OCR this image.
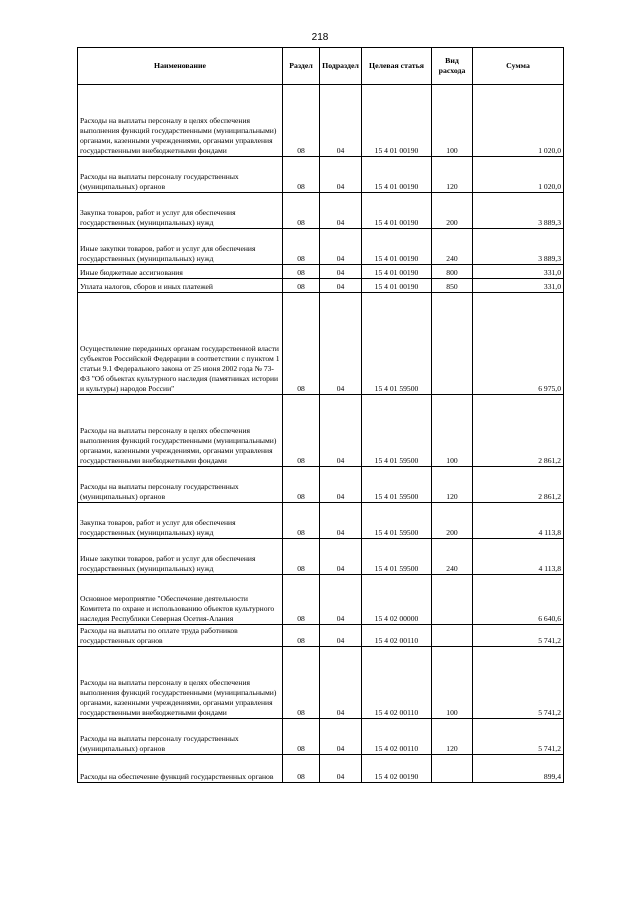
218
Наименование	Раздел	Подраздел	Целевая статья	Вид расхода	Сумма
Расходы на выплаты персоналу в целях обеспечения выполнения функций государственными (муниципальными) органами, казенными учреждениями, органами управления государственными внебюджетными фондами	08	04	15 4 01 00190	100	1 020,0
Расходы на выплаты персоналу государственных (муниципальных) органов	08	04	15 4 01 00190	120	1 020,0
Закупка товаров, работ и услуг для обеспечения государственных (муниципальных) нужд	08	04	15 4 01 00190	200	3 889,3
Иные закупки товаров, работ и услуг для обеспечения государственных (муниципальных) нужд	08	04	15 4 01 00190	240	3 889,3
Иные бюджетные ассигнования	08	04	15 4 01 00190	800	331,0
Уплата налогов, сборов и иных платежей	08	04	15 4 01 00190	850	331,0
Осуществление переданных органам государственной власти субъектов Российской Федерации в соответствии с пунктом 1 статьи 9.1 Федерального закона от 25 июня 2002 года № 73-ФЗ "Об объектах культурного наследия (памятниках истории и культуры) народов России"	08	04	15 4 01 59500		6 975,0
Расходы на выплаты персоналу в целях обеспечения выполнения функций государственными (муниципальными) органами, казенными учреждениями, органами управления государственными внебюджетными фондами	08	04	15 4 01 59500	100	2 861,2
Расходы на выплаты персоналу государственных (муниципальных) органов	08	04	15 4 01 59500	120	2 861,2
Закупка товаров, работ и услуг для обеспечения государственных (муниципальных) нужд	08	04	15 4 01 59500	200	4 113,8
Иные закупки товаров, работ и услуг для обеспечения государственных (муниципальных) нужд	08	04	15 4 01 59500	240	4 113,8
Основное мероприятие "Обеспечение деятельности Комитета по охране и использованию объектов культурного наследия Республики Северная Осетия-Алания	08	04	15 4 02 00000		6 640,6
Расходы на выплаты по оплате труда работников государственных органов	08	04	15 4 02 00110		5 741,2
Расходы на выплаты персоналу в целях обеспечения выполнения функций государственными (муниципальными) органами, казенными учреждениями, органами управления государственными внебюджетными фондами	08	04	15 4 02 00110	100	5 741,2
Расходы на выплаты персоналу государственных (муниципальных) органов	08	04	15 4 02 00110	120	5 741,2
Расходы на обеспечение функций государственных органов	08	04	15 4 02 00190		899,4
